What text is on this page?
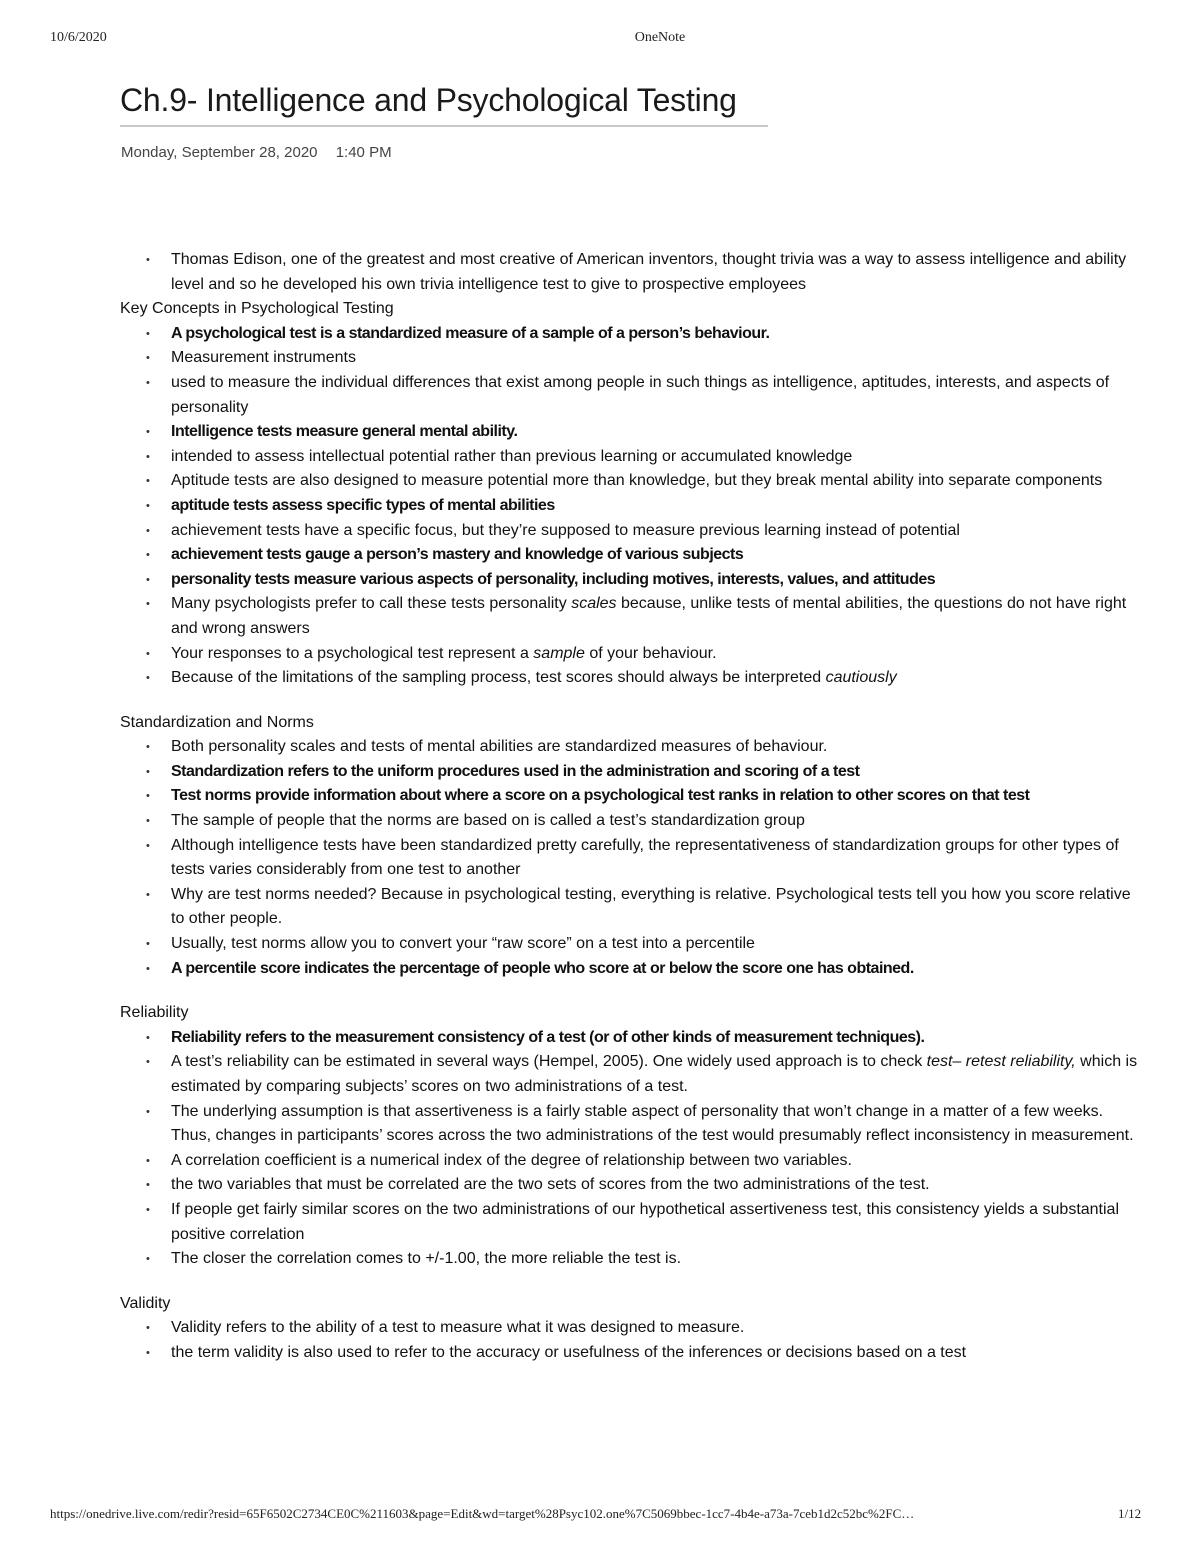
10/6/2020	OneNote
Ch.9- Intelligence and Psychological Testing
Monday, September 28, 2020 1:40 PM
• Thomas Edison, one of the greatest and most creative of American inventors, thought trivia was a way to assess intelligence and ability level and so he developed his own trivia intelligence test to give to prospective employees
Key Concepts in Psychological Testing
• A psychological test is a standardized measure of a sample of a person’s behaviour.
• Measurement instruments
• used to measure the individual differences that exist among people in such things as intelligence, aptitudes, interests, and aspects of personality
• Intelligence tests measure general mental ability.
• intended to assess intellectual potential rather than previous learning or accumulated knowledge
• Aptitude tests are also designed to measure potential more than knowledge, but they break mental ability into separate components
• aptitude tests assess specific types of mental abilities
• achievement tests have a specific focus, but they’re supposed to measure previous learning instead of potential
• achievement tests gauge a person’s mastery and knowledge of various subjects
• personality tests measure various aspects of personality, including motives, interests, values, and attitudes
• Many psychologists prefer to call these tests personality scales because, unlike tests of mental abilities, the questions do not have right and wrong answers
• Your responses to a psychological test represent a sample of your behaviour.
• Because of the limitations of the sampling process, test scores should always be interpreted cautiously
Standardization and Norms
• Both personality scales and tests of mental abilities are standardized measures of behaviour.
• Standardization refers to the uniform procedures used in the administration and scoring of a test
• Test norms provide information about where a score on a psychological test ranks in relation to other scores on that test
• The sample of people that the norms are based on is called a test’s standardization group
• Although intelligence tests have been standardized pretty carefully, the representativeness of standardization groups for other types of tests varies considerably from one test to another
• Why are test norms needed? Because in psychological testing, everything is relative. Psychological tests tell you how you score relative to other people.
• Usually, test norms allow you to convert your “raw score” on a test into a percentile
• A percentile score indicates the percentage of people who score at or below the score one has obtained.
Reliability
• Reliability refers to the measurement consistency of a test (or of other kinds of measurement techniques).
• A test’s reliability can be estimated in several ways (Hempel, 2005). One widely used approach is to check test– retest reliability, which is estimated by comparing subjects’ scores on two administrations of a test.
• The underlying assumption is that assertiveness is a fairly stable aspect of personality that won’t change in a matter of a few weeks. Thus, changes in participants’ scores across the two administrations of the test would presumably reflect inconsistency in measurement.
• A correlation coefficient is a numerical index of the degree of relationship between two variables.
• the two variables that must be correlated are the two sets of scores from the two administrations of the test.
• If people get fairly similar scores on the two administrations of our hypothetical assertiveness test, this consistency yields a substantial positive correlation
• The closer the correlation comes to +/-1.00, the more reliable the test is.
Validity
• Validity refers to the ability of a test to measure what it was designed to measure.
• the term validity is also used to refer to the accuracy or usefulness of the inferences or decisions based on a test
https://onedrive.live.com/redir?resid=65F6502C2734CE0C%211603&page=Edit&wd=target%28Psyc102.one%7C5069bbec-1cc7-4b4e-a73a-7ceb1d2c52bc%2FC…	1/12
